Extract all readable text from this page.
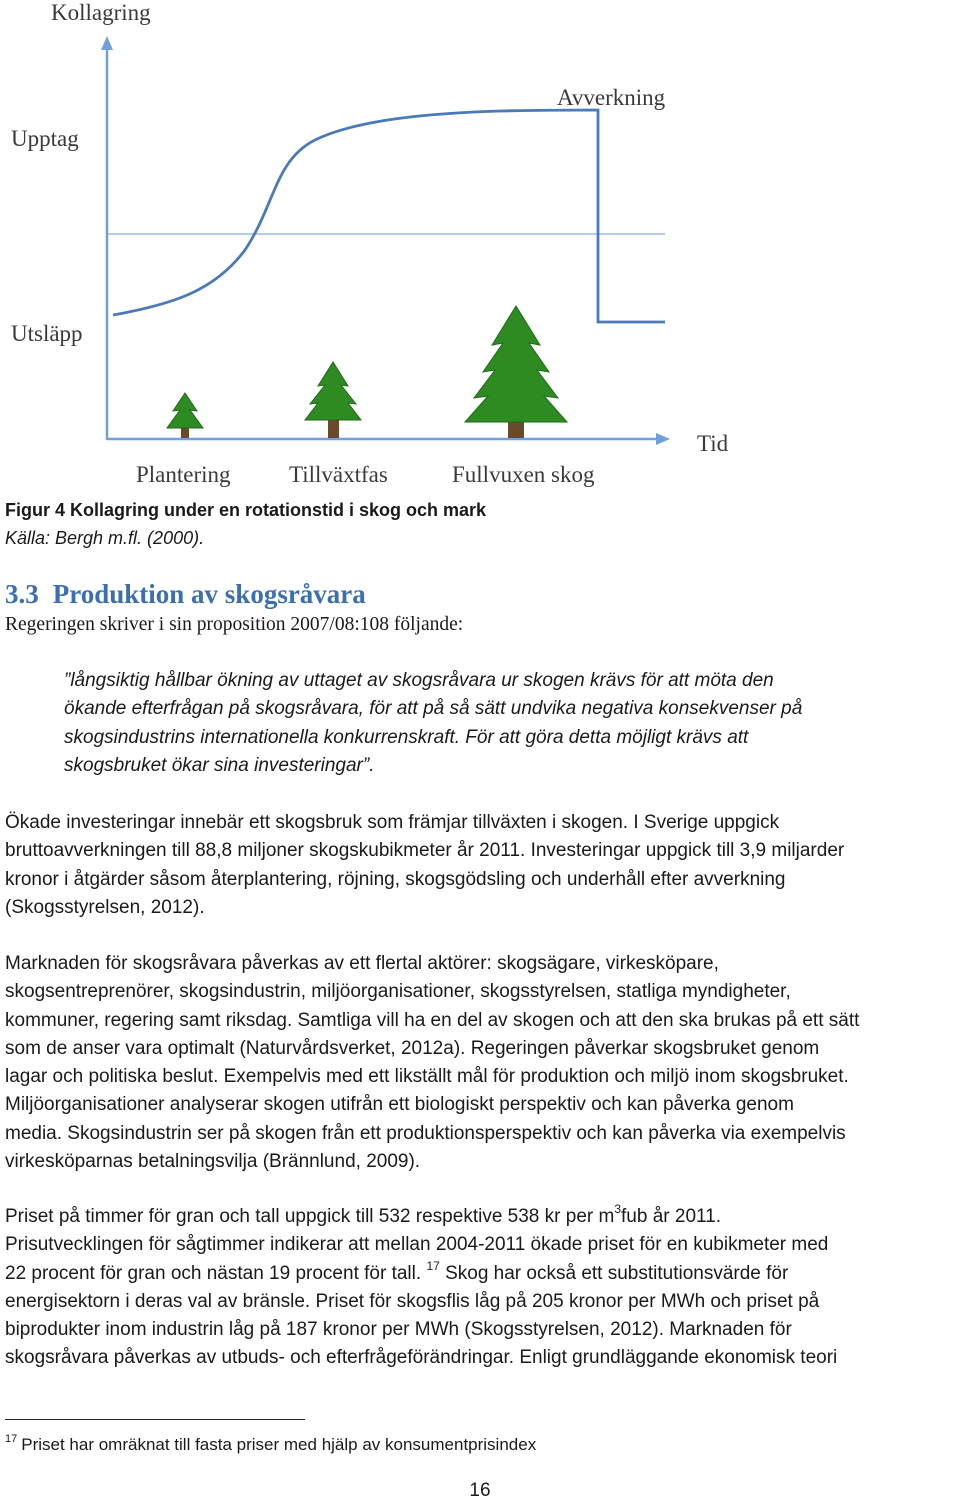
Kollagring
Upptag
Utsläpp
Avverkning
Tid
Plantering	Tillväxtfas	Fullvuxen skog
Figur 4 Kollagring under en rotationstid i skog och mark
Källa: Bergh m.fl. (2000).
3.3 Produktion av skogsråvara

Regeringen skriver i sin proposition 2007/08:108 följande:

”långsiktig hållbar ökning av uttaget av skogsråvara ur skogen krävs för att möta den
ökande efterfrågan på skogsråvara, för att på så sätt undvika negativa konsekvenser på
skogsindustrins internationella konkurrenskraft. För att göra detta möjligt krävs att
skogsbruket ökar sina investeringar”.

Ökade investeringar innebär ett skogsbruk som främjar tillväxten i skogen. I Sverige uppgick
bruttoavverkningen till 88,8 miljoner skogskubikmeter år 2011. Investeringar uppgick till 3,9 miljarder
kronor i åtgärder såsom återplantering, röjning, skogsgödsling och underhåll efter avverkning
(Skogsstyrelsen, 2012).

Marknaden för skogsråvara påverkas av ett flertal aktörer: skogsägare, virkesköpare,
skogsentreprenörer, skogsindustrin, miljöorganisationer, skogsstyrelsen, statliga myndigheter,
kommuner, regering samt riksdag. Samtliga vill ha en del av skogen och att den ska brukas på ett sätt
som de anser vara optimalt (Naturvårdsverket, 2012a). Regeringen påverkar skogsbruket genom
lagar och politiska beslut. Exempelvis med ett likställt mål för produktion och miljö inom skogsbruket.
Miljöorganisationer analyserar skogen utifrån ett biologiskt perspektiv och kan påverka genom
media. Skogsindustrin ser på skogen från ett produktionsperspektiv och kan påverka via exempelvis
virkesköparnas betalningsvilja (Brännlund, 2009).

Priset på timmer för gran och tall uppgick till 532 respektive 538 kr per $m^3fub$ år 2011.
Prisutvecklingen för sågtimmer indikerar att mellan 2004-2011 ökade priset för en kubikmeter med
22 procent för gran och nästan 19 procent för tall. $^{17}$ Skog har också ett substitutionsvärde för
energisektorn i deras val av bränsle. Priset för skogsflis låg på 205 kronor per MWh och priset på
biprodukter inom industrin låg på 187 kronor per MWh (Skogsstyrelsen, 2012). Marknaden för
skogsråvara påverkas av utbuds- och efterfrågeförändringar. Enligt grundläggande ekonomisk teori

$^{17}$ Priset har omräknat till fasta priser med hjälp av konsumentprisindex
16
